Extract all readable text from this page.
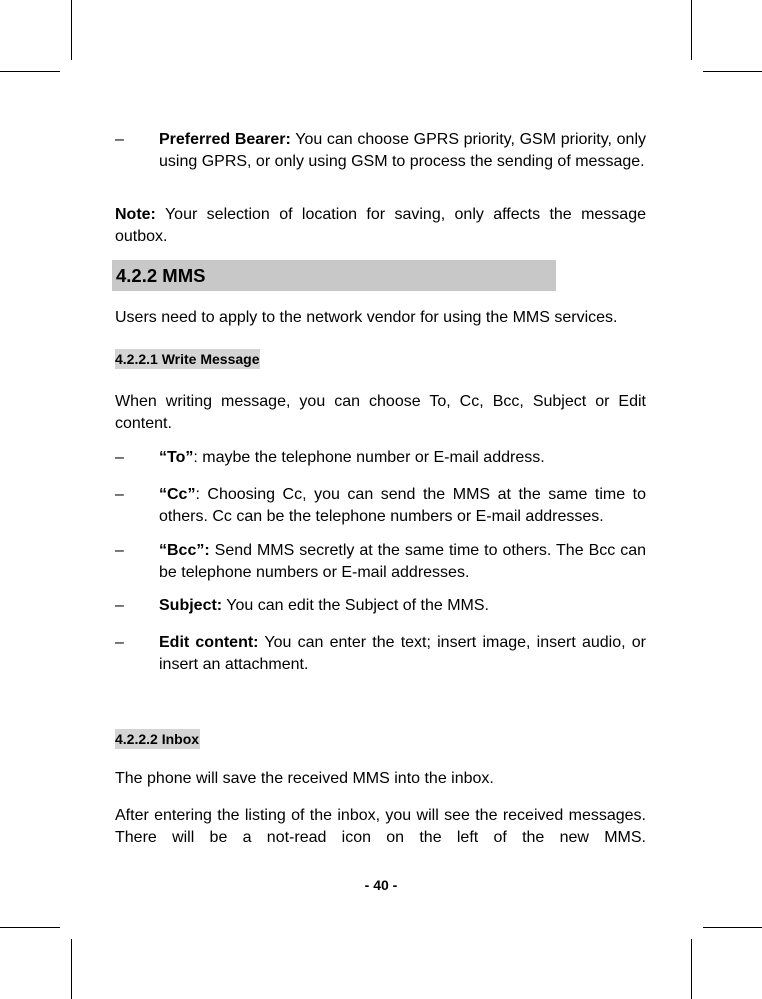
– Preferred Bearer: You can choose GPRS priority, GSM priority, only using GPRS, or only using GSM to process the sending of message.
Note: Your selection of location for saving, only affects the message outbox.
4.2.2 MMS
Users need to apply to the network vendor for using the MMS services.
4.2.2.1 Write Message
When writing message, you can choose To, Cc, Bcc, Subject or Edit content.
– “To”: maybe the telephone number or E-mail address.
– “Cc”: Choosing Cc, you can send the MMS at the same time to others. Cc can be the telephone numbers or E-mail addresses.
– “Bcc”: Send MMS secretly at the same time to others. The Bcc can be telephone numbers or E-mail addresses.
– Subject: You can edit the Subject of the MMS.
– Edit content: You can enter the text; insert image, insert audio, or insert an attachment.
4.2.2.2 Inbox
The phone will save the received MMS into the inbox.
After entering the listing of the inbox, you will see the received messages. There will be a not-read icon on the left of the new MMS.
- 40 -
